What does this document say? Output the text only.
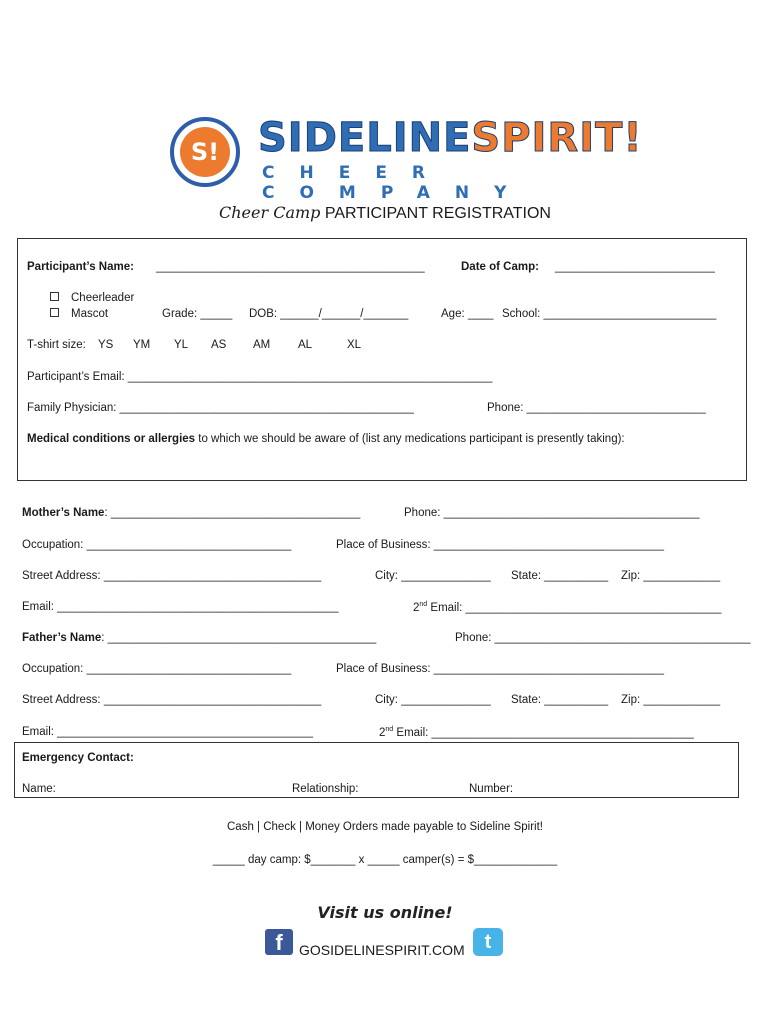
S! SIDELINESPIRIT!
CHEER COMPANY
Cheer Camp PARTICIPANT REGISTRATION
Participant’s Name: __________________________________________	Date of Camp: _________________________
Cheerleader
Mascot	Grade: _____ DOB: ______/______/_______	Age: ____ School: ___________________________
T-shirt size: YS YM YL AS AM AL	XL
Participant’s Email: _________________________________________________________
Family Physician: ______________________________________________	Phone: ____________________________
Medical conditions or allergies to which we should be aware of (list any medications participant is presently taking):
Mother’s Name: _______________________________________	Phone: ________________________________________
Occupation: ________________________________	Place of Business: ____________________________________
Street Address: __________________________________	City: ______________ State: __________ Zip: ____________
Email: ____________________________________________	2nd Email: ________________________________________
Father’s Name: __________________________________________	Phone: ________________________________________
Occupation: ________________________________	Place of Business: ____________________________________
Street Address: __________________________________	City: ______________ State: __________ Zip: ____________
Email: ________________________________________	2nd Email: _________________________________________
Emergency Contact:
Name:	Relationship:	Number:
Cash | Check | Money Orders made payable to Sideline Spirit!
_____ day camp: $_______ x _____ camper(s) = $_____________
Visit us online!
f	GOSIDELINESPIRIT.COM t
